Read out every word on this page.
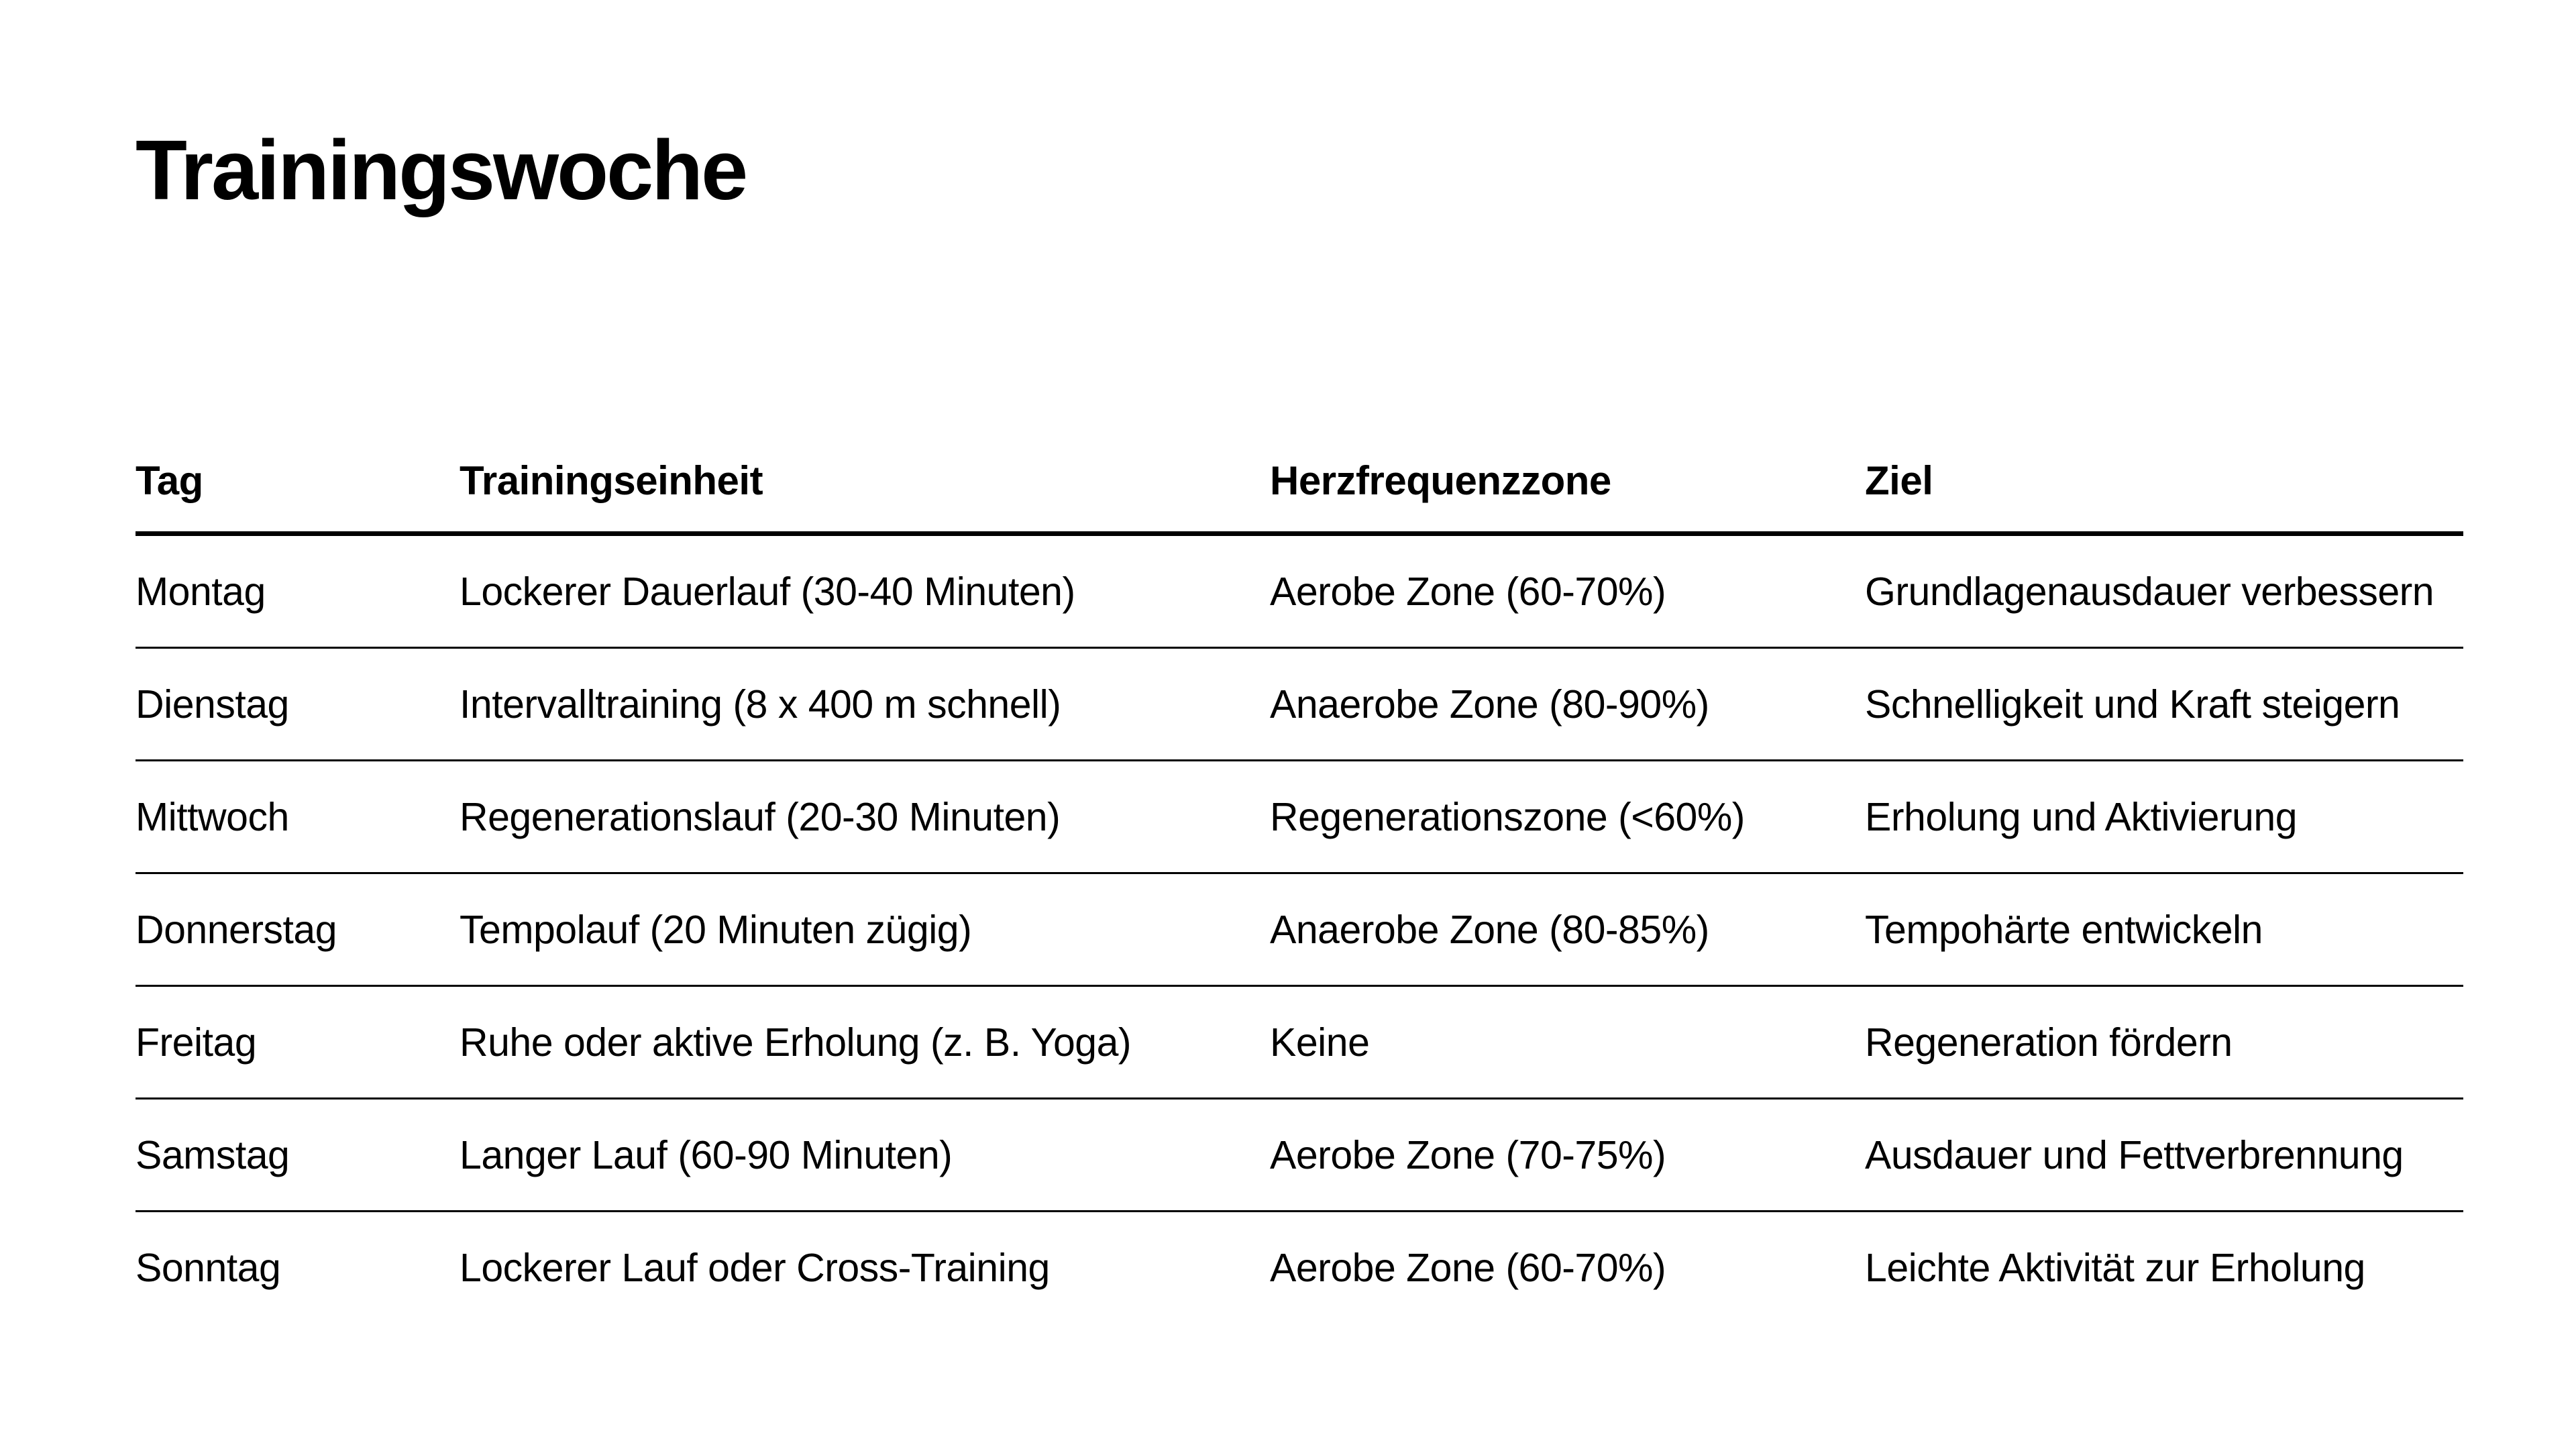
Trainingswoche
Tag	Trainingseinheit	Herzfrequenzzone	Ziel
Montag	Lockerer Dauerlauf (30-40 Minuten)	Aerobe Zone (60-70%)	Grundlagenausdauer verbessern
Dienstag	Intervalltraining (8 x 400 m schnell)	Anaerobe Zone (80-90%)	Schnelligkeit und Kraft steigern
Mittwoch	Regenerationslauf (20-30 Minuten)	Regenerationszone (<60%)	Erholung und Aktivierung
Donnerstag	Tempolauf (20 Minuten zügig)	Anaerobe Zone (80-85%)	Tempohärte entwickeln
Freitag	Ruhe oder aktive Erholung (z. B. Yoga)	Keine	Regeneration fördern
Samstag	Langer Lauf (60-90 Minuten)	Aerobe Zone (70-75%)	Ausdauer und Fettverbrennung
Sonntag	Lockerer Lauf oder Cross-Training	Aerobe Zone (60-70%)	Leichte Aktivität zur Erholung
